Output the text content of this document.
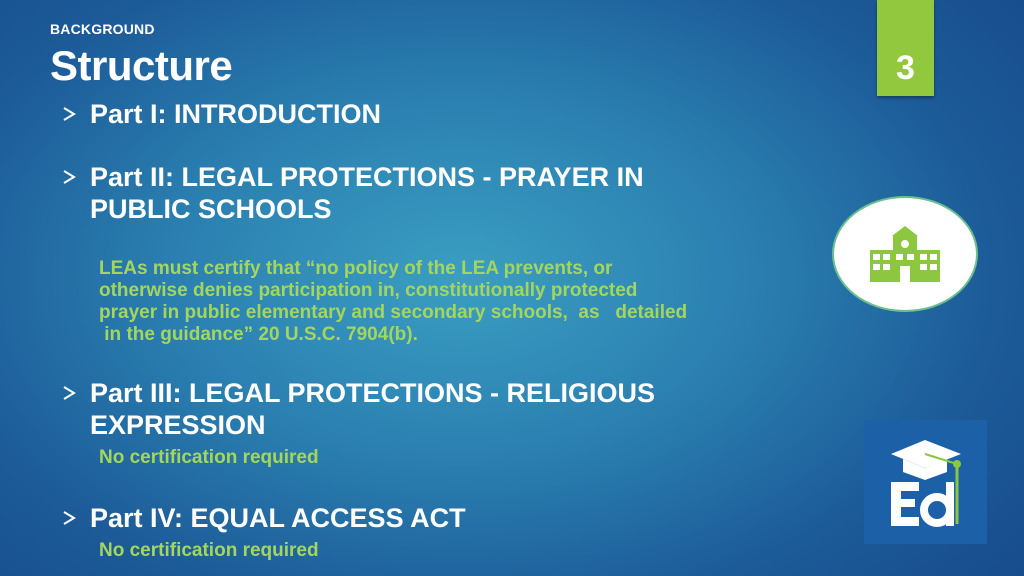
BACKGROUND
Structure	3
Part I: INTRODUCTION
Part II: LEGAL PROTECTIONS - PRAYER IN PUBLIC SCHOOLS
LEAs must certify that “no policy of the LEA prevents, or
otherwise denies participation in, constitutionally protected
prayer in public elementary and secondary schools,  as   detailed
in the guidance” 20 U.S.C. 7904(b).
Part III: LEGAL PROTECTIONS - RELIGIOUS EXPRESSION
No certification required
Part IV: EQUAL ACCESS ACT
No certification required
